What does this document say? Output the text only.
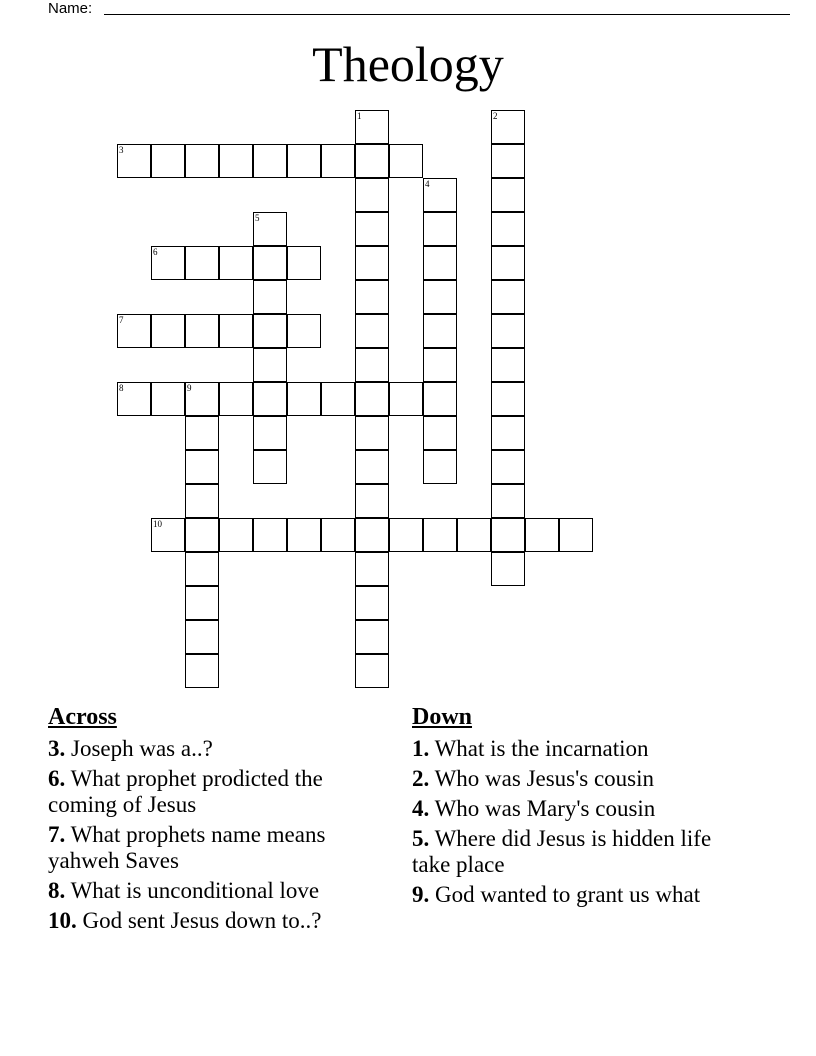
Name:
Theology
1	2
3
4
5
6
7
8	9
10
Across
3. Joseph was a..?
6. What prophet prodicted the coming of Jesus
7. What prophets name means yahweh Saves
8. What is unconditional love
10. God sent Jesus down to..?
Down
1. What is the incarnation
2. Who was Jesus's cousin
4. Who was Mary's cousin
5. Where did Jesus is hidden life take place
9. God wanted to grant us what
